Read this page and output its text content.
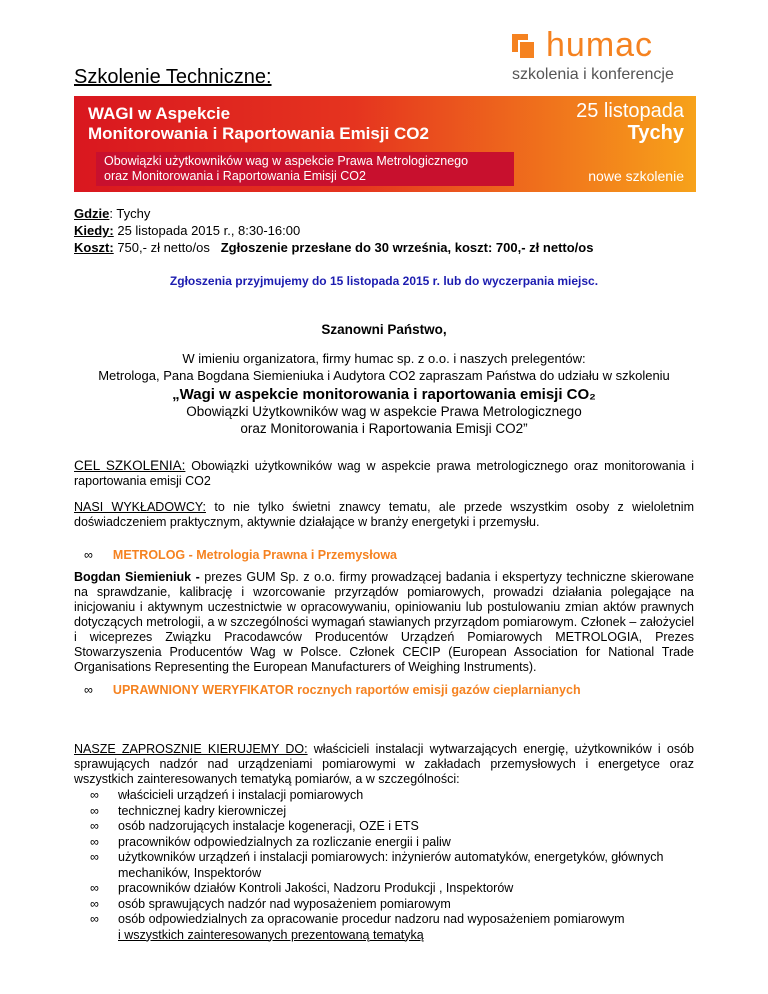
Szkolenie Techniczne:
humac
szkolenia i konferencje
WAGI w Aspekcie
Monitorowania i Raportowania Emisji CO2
Obowiązki użytkowników wag w aspekcie Prawa Metrologicznego
oraz Monitorowania i Raportowania Emisji CO2
25 listopada
Tychy
nowe szkolenie
Gdzie: Tychy
Kiedy: 25 listopada 2015 r., 8:30-16:00
Koszt: 750,- zł netto/os Zgłoszenie przesłane do 30 września, koszt: 700,- zł netto/os
Zgłoszenia przyjmujemy do 15 listopada 2015 r. lub do wyczerpania miejsc.
Szanowni Państwo,
W imieniu organizatora, firmy humac sp. z o.o. i naszych prelegentów:
Metrologa, Pana Bogdana Siemieniuka i Audytora CO2 zapraszam Państwa do udziału w szkoleniu
„Wagi w aspekcie monitorowania i raportowania emisji CO₂
Obowiązki Użytkowników wag w aspekcie Prawa Metrologicznego
oraz Monitorowania i Raportowania Emisji CO2”
CEL SZKOLENIA: Obowiązki użytkowników wag w aspekcie prawa metrologicznego oraz monitorowania i raportowania emisji CO2
NASI WYKŁADOWCY: to nie tylko świetni znawcy tematu, ale przede wszystkim osoby z wieloletnim doświadczeniem praktycznym, aktywnie działające w branży energetyki i przemysłu.
∞ METROLOG - Metrologia Prawna i Przemysłowa
Bogdan Siemieniuk - prezes GUM Sp. z o.o. firmy prowadzącej badania i ekspertyzy techniczne skierowane na sprawdzanie, kalibrację i wzorcowanie przyrządów pomiarowych, prowadzi działania polegające na inicjowaniu i aktywnym uczestnictwie w opracowywaniu, opiniowaniu lub postulowaniu zmian aktów prawnych dotyczących metrologii, a w szczególności wymagań stawianych przyrządom pomiarowym. Członek – założyciel i wiceprezes Związku Pracodawców Producentów Urządzeń Pomiarowych METROLOGIA, Prezes Stowarzyszenia Producentów Wag w Polsce. Członek CECIP (European Association for National Trade Organisations Representing the European Manufacturers of Weighing Instruments).
∞ UPRAWNIONY WERYFIKATOR rocznych raportów emisji gazów cieplarnianych
NASZE ZAPROSZNIE KIERUJEMY DO: właścicieli instalacji wytwarzających energię, użytkowników i osób sprawujących nadzór nad urządzeniami pomiarowymi w zakładach przemysłowych i energetyce oraz wszystkich zainteresowanych tematyką pomiarów, a w szczególności:
∞	właścicieli urządzeń i instalacji pomiarowych
∞	technicznej kadry kierowniczej
∞	osób nadzorujących instalacje kogeneracji, OZE i ETS
∞	pracowników odpowiedzialnych za rozliczanie energii i paliw
∞	użytkowników urządzeń i instalacji pomiarowych: inżynierów automatyków, energetyków, głównych mechaników, Inspektorów
∞	pracowników działów Kontroli Jakości, Nadzoru Produkcji , Inspektorów
∞	osób sprawujących nadzór nad wyposażeniem pomiarowym
∞	osób odpowiedzialnych za opracowanie procedur nadzoru nad wyposażeniem pomiarowym
i wszystkich zainteresowanych prezentowaną tematyką
